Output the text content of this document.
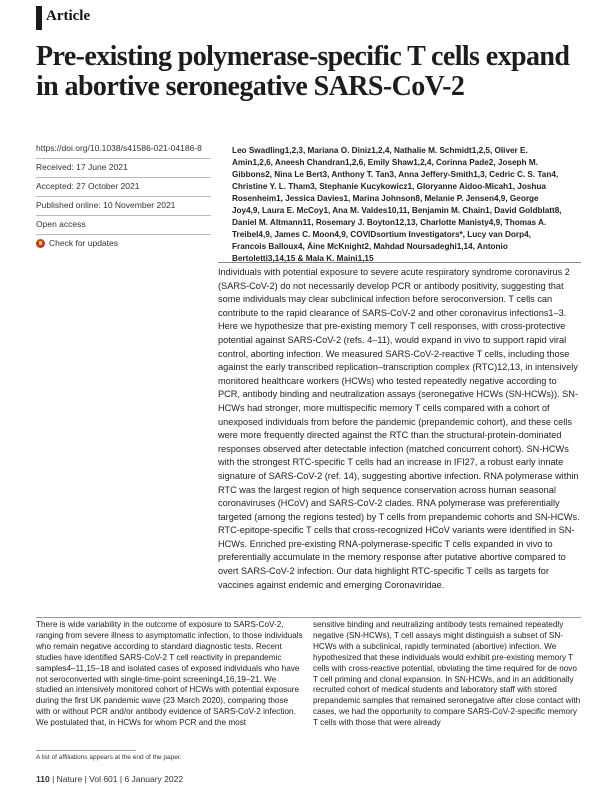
Article
Pre-existing polymerase-specific T cells expand in abortive seronegative SARS-CoV-2
https://doi.org/10.1038/s41586-021-04186-8
Received: 17 June 2021
Accepted: 27 October 2021
Published online: 10 November 2021
Open access
Check for updates
Leo Swadling1,2,3, Mariana O. Diniz1,2,4, Nathalie M. Schmidt1,2,5, Oliver E. Amin1,2,6, Aneesh Chandran1,2,6, Emily Shaw1,2,4, Corinna Pade2, Joseph M. Gibbons2, Nina Le Bert3, Anthony T. Tan3, Anna Jeffery-Smith1,3, Cedric C. S. Tan4, Christine Y. L. Tham3, Stephanie Kucykowicz1, Gloryanne Aidoo-Micah1, Joshua Rosenheim1, Jessica Davies1, Marina Johnson8, Melanie P. Jensen4,9, George Joy4,9, Laura E. McCoy1, Ana M. Valdes10,11, Benjamin M. Chain1, David Goldblatt8, Daniel M. Altmann11, Rosemary J. Boyton12,13, Charlotte Manisty4,9, Thomas A. Treibel4,9, James C. Moon4,9, COVIDsortium Investigators*, Lucy van Dorp4, Francois Balloux4, Áine McKnight2, Mahdad Noursadeghi1,14, Antonio Bertoletti3,14,15 & Mala K. Maini1,15
Individuals with potential exposure to severe acute respiratory syndrome coronavirus 2 (SARS-CoV-2) do not necessarily develop PCR or antibody positivity, suggesting that some individuals may clear subclinical infection before seroconversion. T cells can contribute to the rapid clearance of SARS-CoV-2 and other coronavirus infections1–3. Here we hypothesize that pre-existing memory T cell responses, with cross-protective potential against SARS-CoV-2 (refs. 4–11), would expand in vivo to support rapid viral control, aborting infection. We measured SARS-CoV-2-reactive T cells, including those against the early transcribed replication–transcription complex (RTC)12,13, in intensively monitored healthcare workers (HCWs) who tested repeatedly negative according to PCR, antibody binding and neutralization assays (seronegative HCWs (SN-HCWs)). SN-HCWs had stronger, more multispecific memory T cells compared with a cohort of unexposed individuals from before the pandemic (prepandemic cohort), and these cells were more frequently directed against the RTC than the structural-protein-dominated responses observed after detectable infection (matched concurrent cohort). SN-HCWs with the strongest RTC-specific T cells had an increase in IFI27, a robust early innate signature of SARS-CoV-2 (ref. 14), suggesting abortive infection. RNA polymerase within RTC was the largest region of high sequence conservation across human seasonal coronaviruses (HCoV) and SARS-CoV-2 clades. RNA polymerase was preferentially targeted (among the regions tested) by T cells from prepandemic cohorts and SN-HCWs. RTC-epitope-specific T cells that cross-recognized HCoV variants were identified in SN-HCWs. Enriched pre-existing RNA-polymerase-specific T cells expanded in vivo to preferentially accumulate in the memory response after putative abortive compared to overt SARS-CoV-2 infection. Our data highlight RTC-specific T cells as targets for vaccines against endemic and emerging Coronaviridae.
There is wide variability in the outcome of exposure to SARS-CoV-2, ranging from severe illness to asymptomatic infection, to those individuals who remain negative according to standard diagnostic tests. Recent studies have identified SARS-CoV-2 T cell reactivity in prepandemic samples4–11,15–18 and isolated cases of exposed individuals who have not seroconverted with single-time-point screening4,16,19–21. We studied an intensively monitored cohort of HCWs with potential exposure during the first UK pandemic wave (23 March 2020), comparing those with or without PCR and/or antibody evidence of SARS-CoV-2 infection. We postulated that, in HCWs for whom PCR and the most
sensitive binding and neutralizing antibody tests remained repeatedly negative (SN-HCWs), T cell assays might distinguish a subset of SN-HCWs with a subclinical, rapidly terminated (abortive) infection. We hypothesized that these individuals would exhibit pre-existing memory T cells with cross-reactive potential, obviating the time required for de novo T cell priming and clonal expansion. In SN-HCWs, and in an additionally recruited cohort of medical students and laboratory staff with stored prepandemic samples that remained seronegative after close contact with cases, we had the opportunity to compare SARS-CoV-2-specific memory T cells with those that were already
A list of affiliations appears at the end of the paper.
110 | Nature | Vol 601 | 6 January 2022
